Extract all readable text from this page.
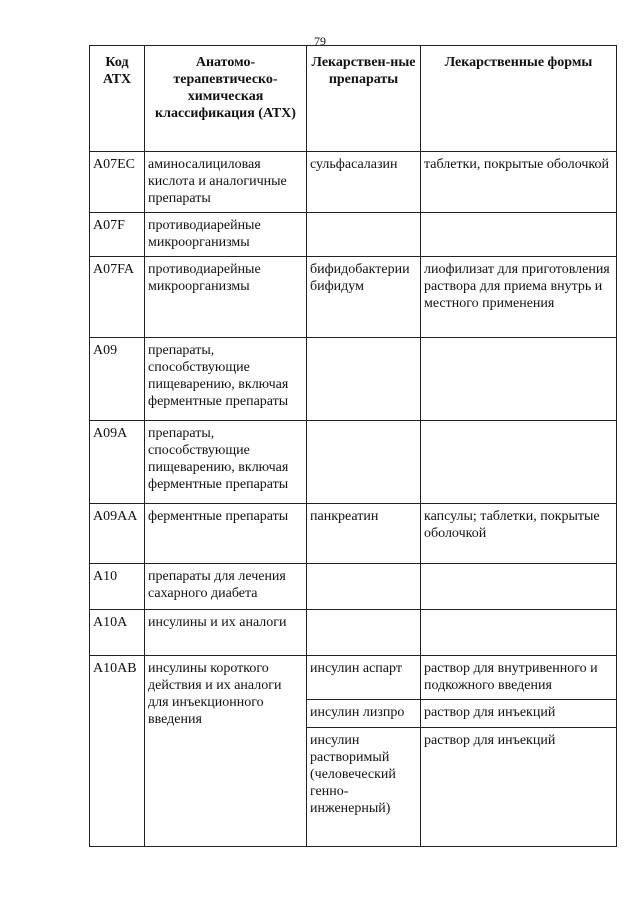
79
Код АТХ	Анатомо-терапевтическо-химическая классификация (АТХ)	Лекарствен-ные препараты	Лекарственные формы
A07EC	аминосалициловая кислота и аналогичные препараты	сульфасалазин	таблетки, покрытые оболочкой
A07F	противодиарейные микроорганизмы		
A07FA	противодиарейные микроорганизмы	бифидобактерии бифидум	лиофилизат для приготовления раствора для приема внутрь и местного применения
A09	препараты, способствующие пищеварению, включая ферментные препараты		
A09A	препараты, способствующие пищеварению, включая ферментные препараты		
A09AA	ферментные препараты	панкреатин	капсулы; таблетки, покрытые оболочкой
A10	препараты для лечения сахарного диабета		
A10A	инсулины и их аналоги		
A10AB	инсулины короткого действия и их аналоги для инъекционного введения	инсулин аспарт	раствор для внутривенного и подкожного введения
		инсулин лизпро	раствор для инъекций
		инсулин растворимый (человеческий генно-инженерный)	раствор для инъекций
